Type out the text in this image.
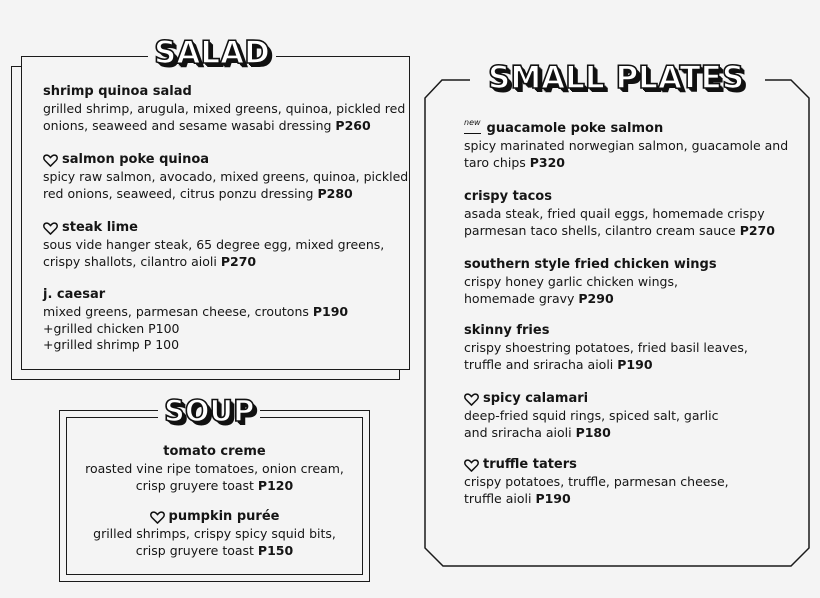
SALAD
shrimp quinoa salad
grilled shrimp, arugula, mixed greens, quinoa, pickled red
onions, seaweed and sesame wasabi dressing P260
salmon poke quinoa
spicy raw salmon, avocado, mixed greens, quinoa, pickled
red onions, seaweed, citrus ponzu dressing P280
steak lime
sous vide hanger steak, 65 degree egg, mixed greens,
crispy shallots, cilantro aioli P270
j. caesar
mixed greens, parmesan cheese, croutons P190
+grilled chicken P100
+grilled shrimp P 100
SOUP
tomato creme
roasted vine ripe tomatoes, onion cream,
crisp gruyere toast P120
pumpkin purée
grilled shrimps, crispy spicy squid bits,
crisp gruyere toast P150
SMALL PLATES
new guacamole poke salmon
spicy marinated norwegian salmon, guacamole and
taro chips P320
crispy tacos
asada steak, fried quail eggs, homemade crispy
parmesan taco shells, cilantro cream sauce P270
southern style fried chicken wings
crispy honey garlic chicken wings,
homemade gravy P290
skinny fries
crispy shoestring potatoes, fried basil leaves,
truffle and sriracha aioli P190
spicy calamari
deep-fried squid rings, spiced salt, garlic
and sriracha aioli P180
truffle taters
crispy potatoes, truffle, parmesan cheese,
truffle aioli P190
